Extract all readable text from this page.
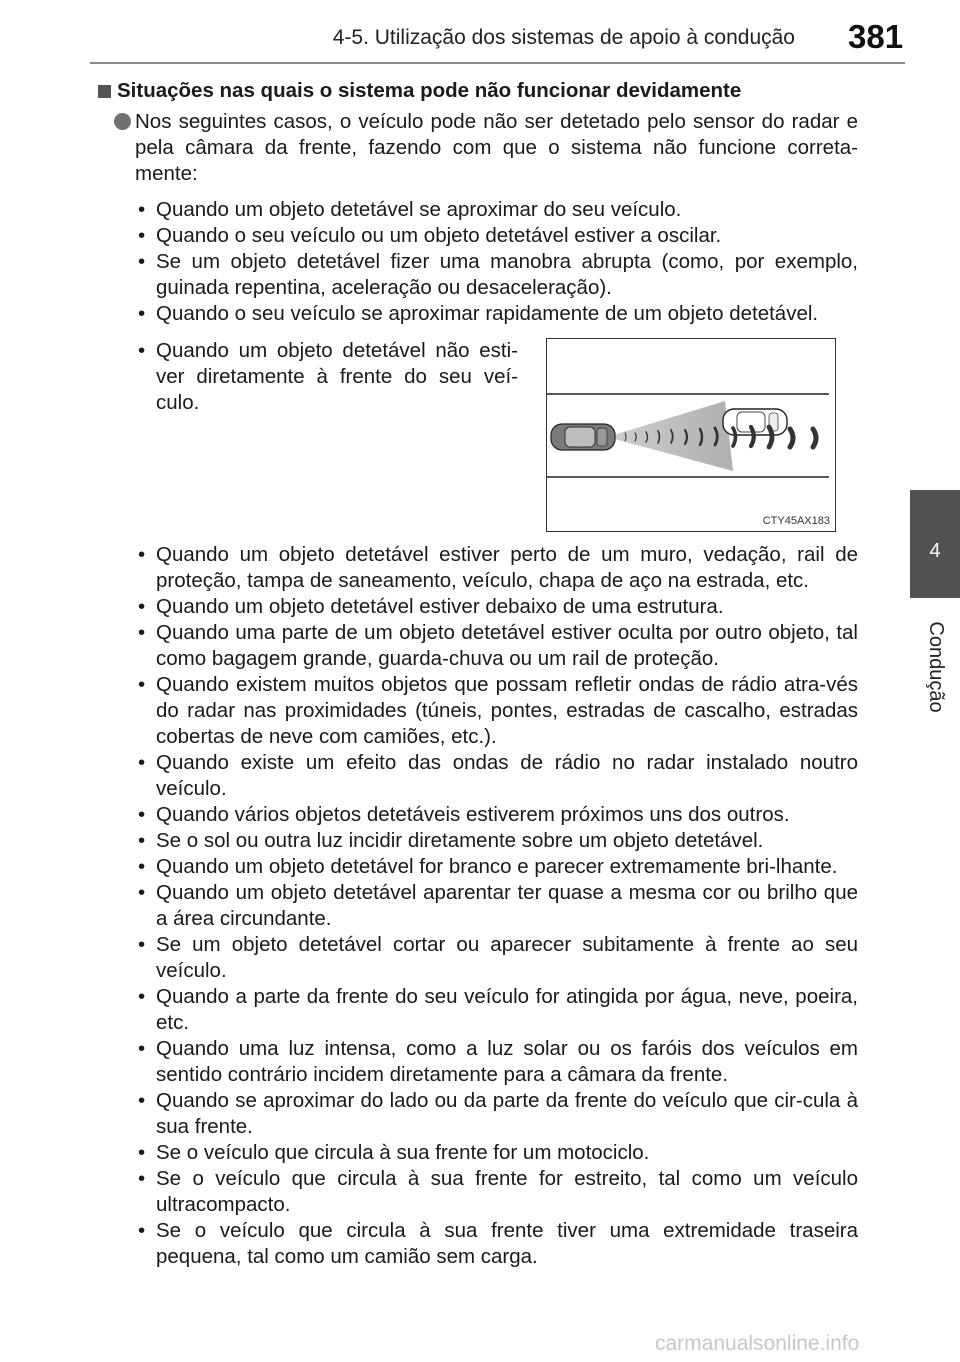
4-5. Utilização dos sistemas de apoio à condução 381
4
Condução
Situações nas quais o sistema pode não funcionar devidamente
Nos seguintes casos, o veículo pode não ser detetado pelo sensor do radar e pela câmara da frente, fazendo com que o sistema não funcione correta-mente:
• Quando um objeto detetável se aproximar do seu veículo.
• Quando o seu veículo ou um objeto detetável estiver a oscilar.
• Se um objeto detetável fizer uma manobra abrupta (como, por exemplo, guinada repentina, aceleração ou desaceleração).
• Quando o seu veículo se aproximar rapidamente de um objeto detetável.
• Quando um objeto detetável não esti-ver diretamente à frente do seu veí-culo.
CTY45AX183
• Quando um objeto detetável estiver perto de um muro, vedação, rail de proteção, tampa de saneamento, veículo, chapa de aço na estrada, etc.
• Quando um objeto detetável estiver debaixo de uma estrutura.
• Quando uma parte de um objeto detetável estiver oculta por outro objeto, tal como bagagem grande, guarda-chuva ou um rail de proteção.
• Quando existem muitos objetos que possam refletir ondas de rádio atra-vés do radar nas proximidades (túneis, pontes, estradas de cascalho, estradas cobertas de neve com camiões, etc.).
• Quando existe um efeito das ondas de rádio no radar instalado noutro veículo.
• Quando vários objetos detetáveis estiverem próximos uns dos outros.
• Se o sol ou outra luz incidir diretamente sobre um objeto detetável.
• Quando um objeto detetável for branco e parecer extremamente bri-lhante.
• Quando um objeto detetável aparentar ter quase a mesma cor ou brilho que a área circundante.
• Se um objeto detetável cortar ou aparecer subitamente à frente ao seu veículo.
• Quando a parte da frente do seu veículo for atingida por água, neve, poeira, etc.
• Quando uma luz intensa, como a luz solar ou os faróis dos veículos em sentido contrário incidem diretamente para a câmara da frente.
• Quando se aproximar do lado ou da parte da frente do veículo que cir-cula à sua frente.
• Se o veículo que circula à sua frente for um motociclo.
• Se o veículo que circula à sua frente for estreito, tal como um veículo ultracompacto.
• Se o veículo que circula à sua frente tiver uma extremidade traseira pequena, tal como um camião sem carga.
carmanualsonline.info
